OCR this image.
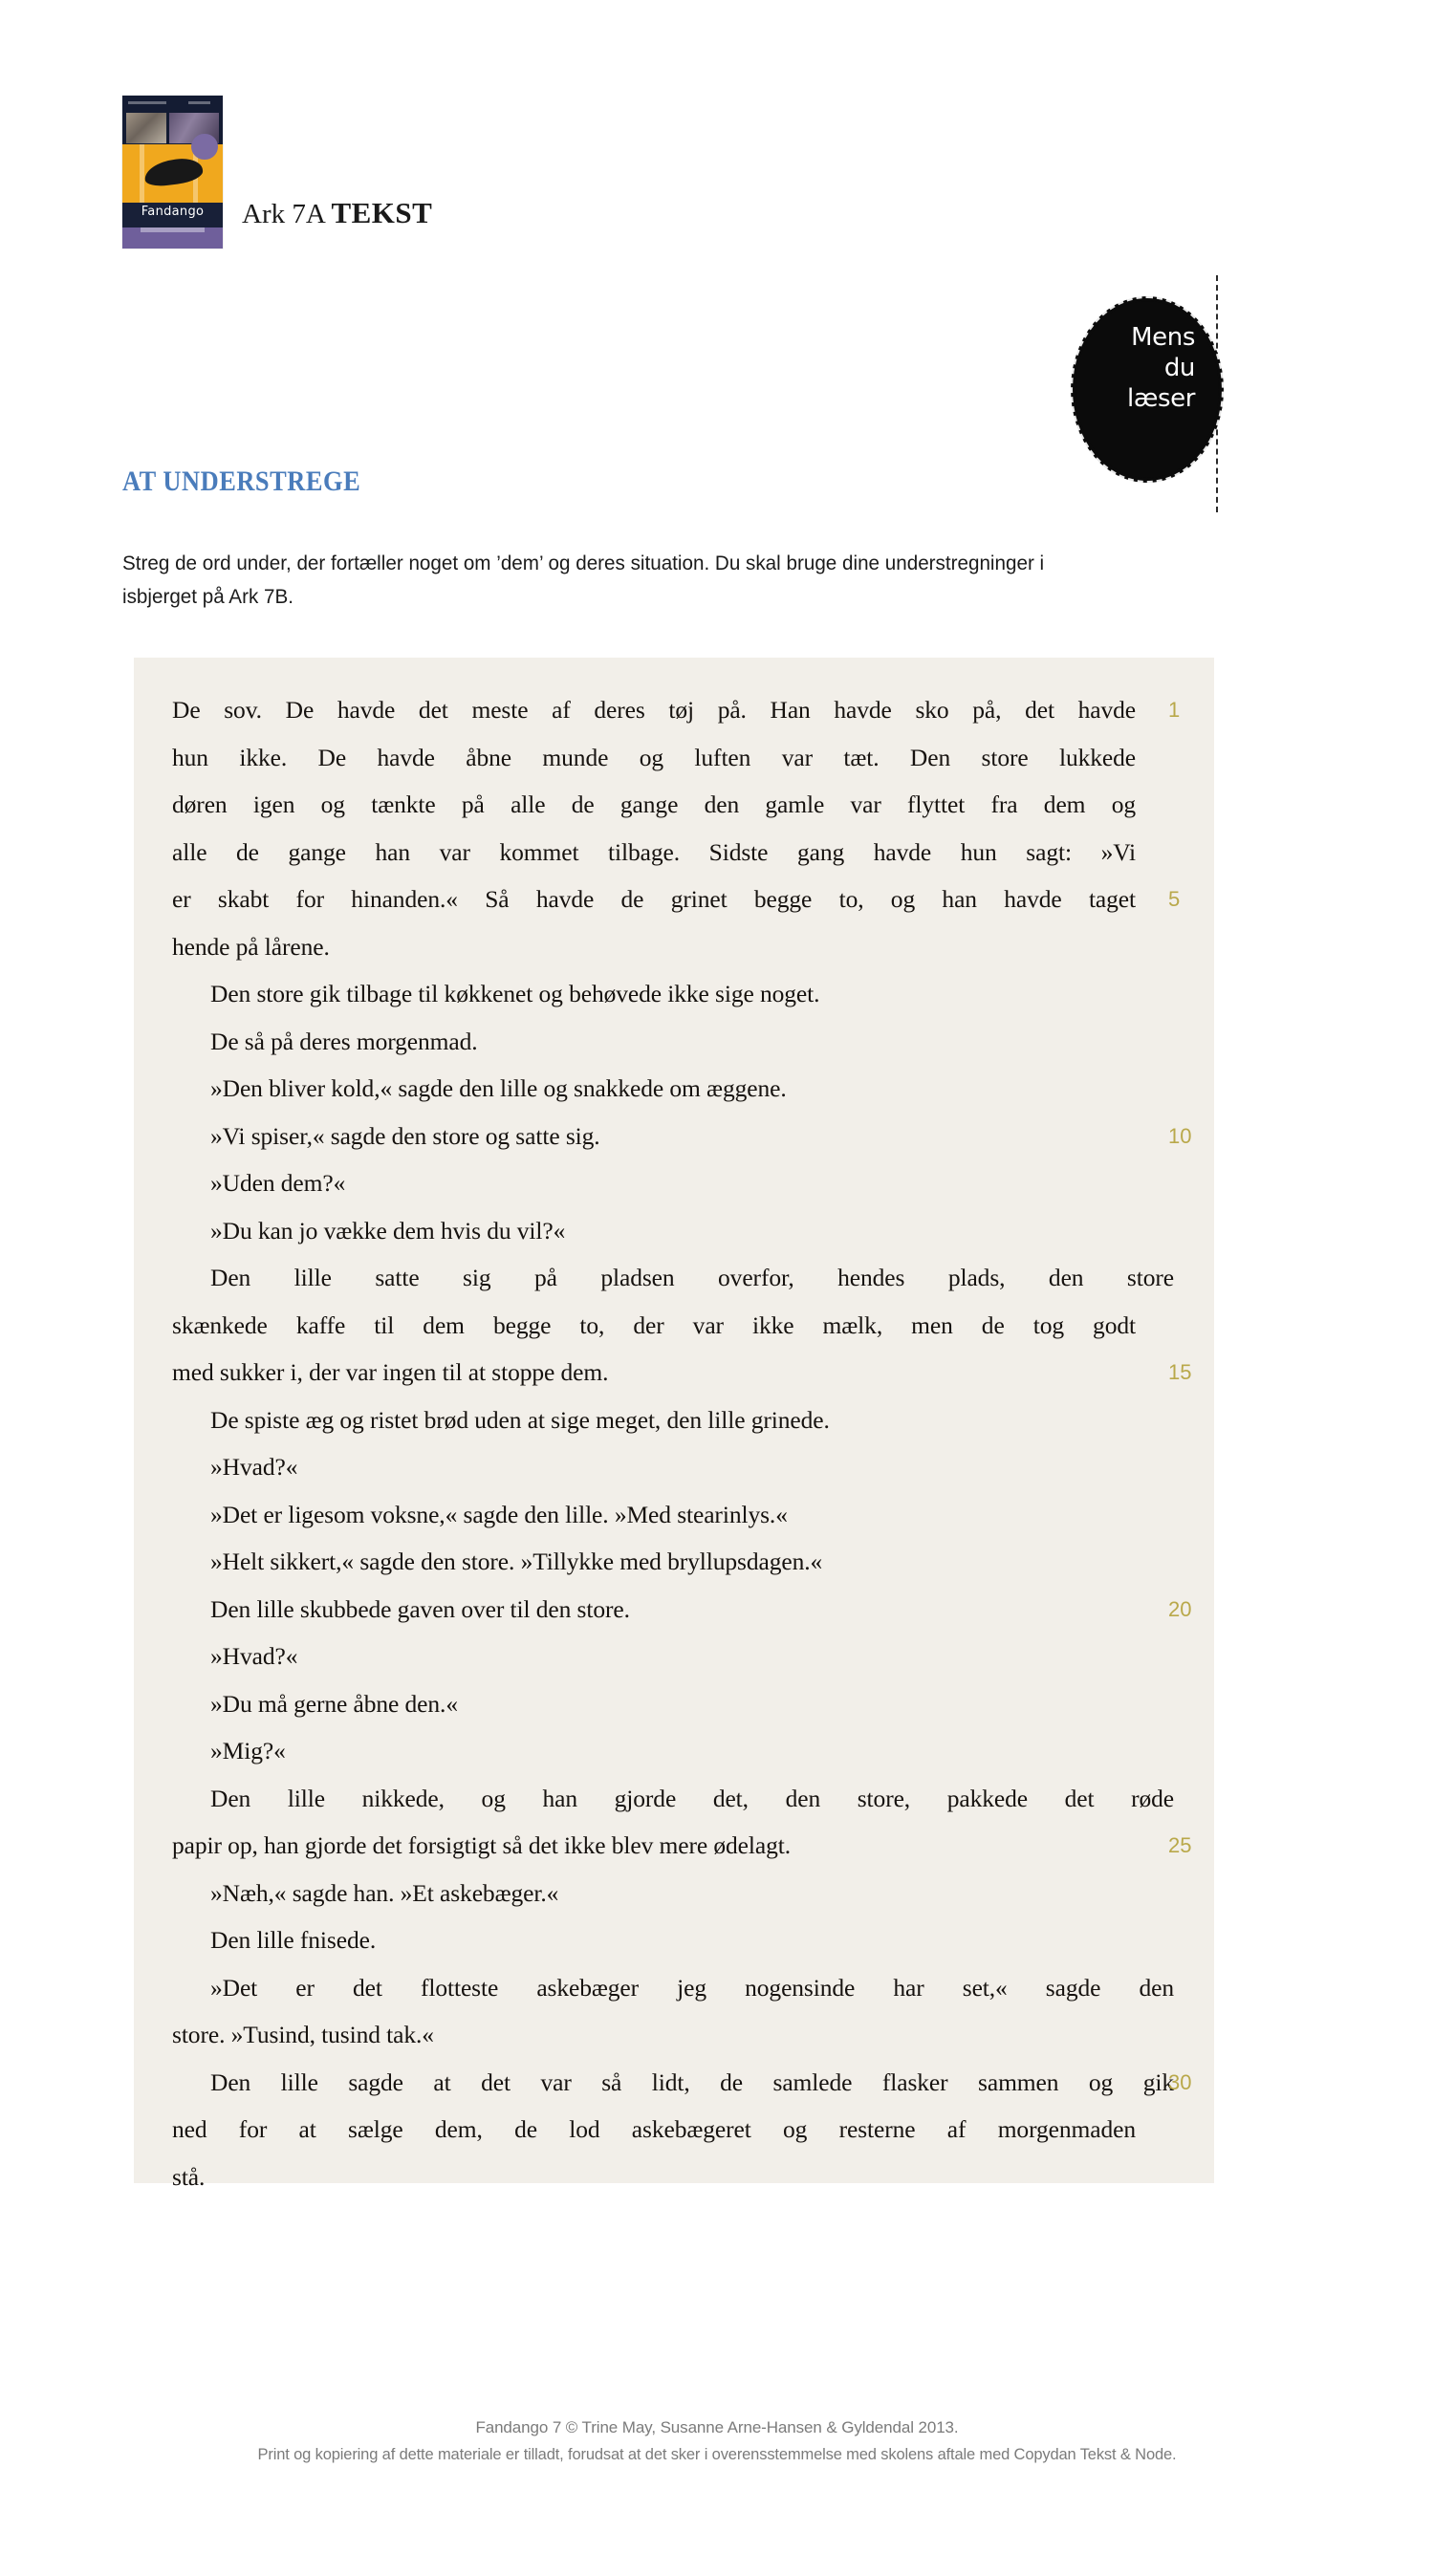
Fandango	Ark 7A TEKST
Mens
du
læser
AT UNDERSTREGE
Streg de ord under, der fortæller noget om ’dem’ og deres situation. Du skal bruge dine understregninger i isbjerget på Ark 7B.
De sov. De havde det meste af deres tøj på. Han havde sko på, det havde 1
hun ikke. De havde åbne munde og luften var tæt. Den store lukkede
døren igen og tænkte på alle de gange den gamle var flyttet fra dem og
alle de gange han var kommet tilbage. Sidste gang havde hun sagt: »Vi
er skabt for hinanden.« Så havde de grinet begge to, og han havde taget 5
hende på lårene.
Den store gik tilbage til køkkenet og behøvede ikke sige noget.
De så på deres morgenmad.
»Den bliver kold,« sagde den lille og snakkede om æggene.
»Vi spiser,« sagde den store og satte sig.	10
»Uden dem?«
»Du kan jo vække dem hvis du vil?«
Den lille satte sig på pladsen overfor, hendes plads, den store
skænkede kaffe til dem begge to, der var ikke mælk, men de tog godt
med sukker i, der var ingen til at stoppe dem.	15
De spiste æg og ristet brød uden at sige meget, den lille grinede.
»Hvad?«
»Det er ligesom voksne,« sagde den lille. »Med stearinlys.«
»Helt sikkert,« sagde den store. »Tillykke med bryllupsdagen.«
Den lille skubbede gaven over til den store.	20
»Hvad?«
»Du må gerne åbne den.«
»Mig?«
Den lille nikkede, og han gjorde det, den store, pakkede det røde
papir op, han gjorde det forsigtigt så det ikke blev mere ødelagt.	25
»Næh,« sagde han. »Et askebæger.«
Den lille fnisede.
»Det er det flotteste askebæger jeg nogensinde har set,« sagde den
store. »Tusind, tusind tak.«
Den lille sagde at det var så lidt, de samlede flasker sammen og gik
30
ned for at sælge dem, de lod askebægeret og resterne af morgenmaden
stå.
Fandango 7 © Trine May, Susanne Arne-Hansen & Gyldendal 2013.
Print og kopiering af dette materiale er tilladt, forudsat at det sker i overensstemmelse med skolens aftale med Copydan Tekst & Node.
